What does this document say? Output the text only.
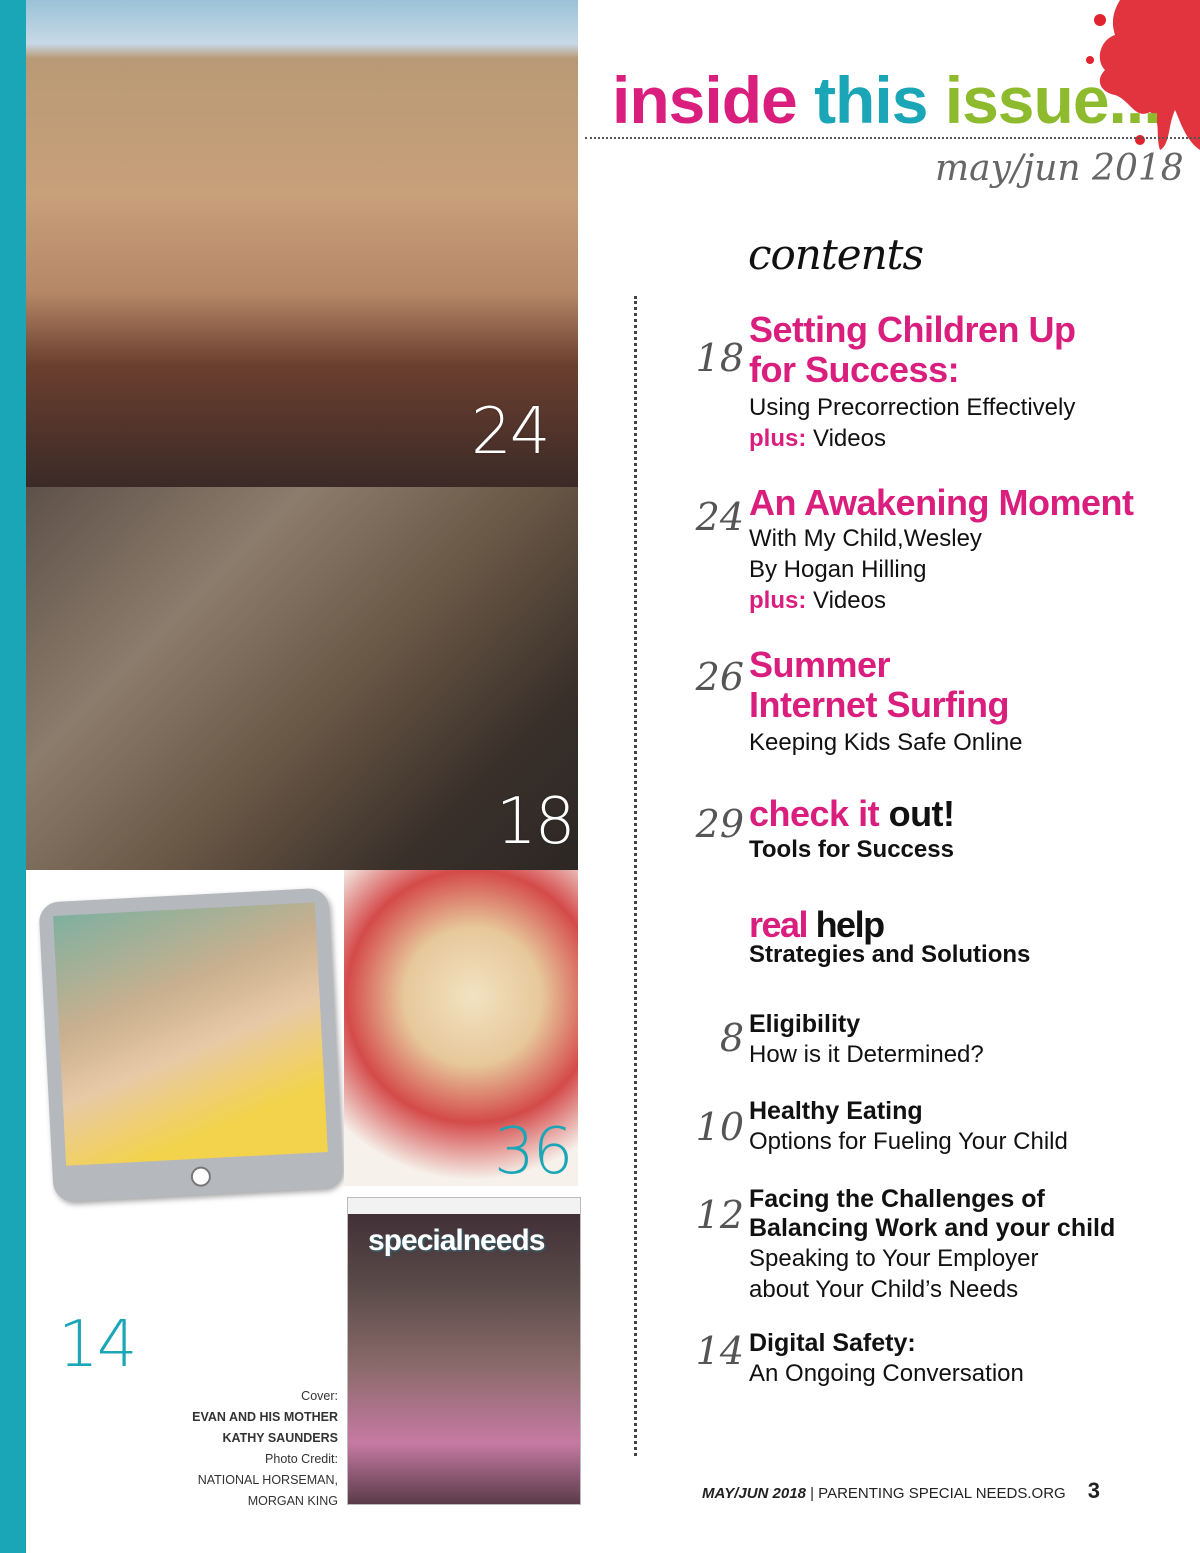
24
18
36
14
specialneeds
Cover:
EVAN AND HIS MOTHER
KATHY SAUNDERS
Photo Credit:
NATIONAL HORSEMAN,
MORGAN KING
inside this issue...
may/jun 2018
contents
18
Setting Children Up
for Success:
Using Precorrection Effectively
plus: Videos
24 An Awakening Moment
With My Child,Wesley
By Hogan Hilling
plus: Videos
26 Summer
Internet Surfing
Keeping Kids Safe Online
29 check it out!
Tools for Success
real help
Strategies and Solutions
8 Eligibility
How is it Determined?
10 Healthy Eating
Options for Fueling Your Child
12 Facing the Challenges of
Balancing Work and your child
Speaking to Your Employer
about Your Child’s Needs
14 Digital Safety:
An Ongoing Conversation
MAY/JUN 2018 | PARENTING SPECIAL NEEDS.ORG 3
